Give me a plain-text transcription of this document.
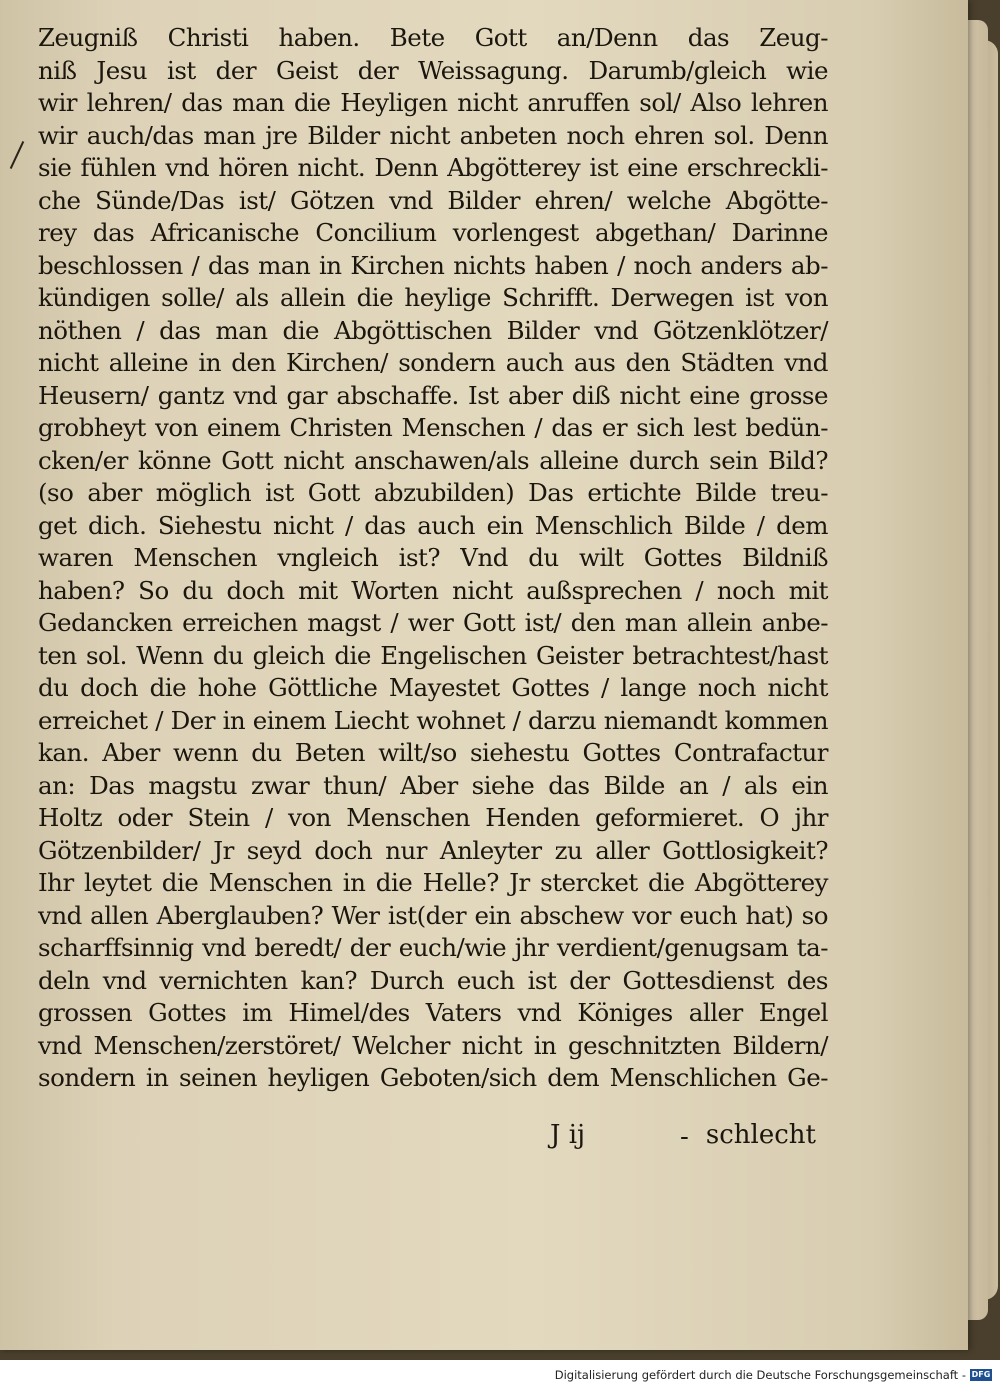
Zeugniß Christi haben. Bete Gott an/Denn das Zeug-
niß Jesu ist der Geist der Weissagung. Darumb/gleich wie
wir lehren/ das man die Heyligen nicht anruffen sol/ Also lehren
wir auch/das man jre Bilder nicht anbeten noch ehren sol. Denn
sie fühlen vnd hören nicht. Denn Abgötterey ist eine erschreckli-
che Sünde/Das ist/ Götzen vnd Bilder ehren/ welche Abgötte-
rey das Africanische Concilium vorlengest abgethan/ Darinne
beschlossen / das man in Kirchen nichts haben / noch anders ab-
kündigen solle/ als allein die heylige Schrifft. Derwegen ist von
nöthen / das man die Abgöttischen Bilder vnd Götzenklötzer/
nicht alleine in den Kirchen/ sondern auch aus den Städten vnd
Heusern/ gantz vnd gar abschaffe. Ist aber diß nicht eine grosse
grobheyt von einem Christen Menschen / das er sich lest bedün-
cken/er könne Gott nicht anschawen/als alleine durch sein Bild?
(so aber möglich ist Gott abzubilden) Das ertichte Bilde treu-
get dich. Siehestu nicht / das auch ein Menschlich Bilde / dem
waren Menschen vngleich ist? Vnd du wilt Gottes Bildniß
haben? So du doch mit Worten nicht außsprechen / noch mit
Gedancken erreichen magst / wer Gott ist/ den man allein anbe-
ten sol. Wenn du gleich die Engelischen Geister betrachtest/hast
du doch die hohe Göttliche Mayestet Gottes / lange noch nicht
erreichet / Der in einem Liecht wohnet / darzu niemandt kommen
kan. Aber wenn du Beten wilt/so siehestu Gottes Contrafactur
an: Das magstu zwar thun/ Aber siehe das Bilde an / als ein
Holtz oder Stein / von Menschen Henden geformieret. O jhr
Götzenbilder/ Jr seyd doch nur Anleyter zu aller Gottlosigkeit?
Ihr leytet die Menschen in die Helle? Jr stercket die Abgötterey
vnd allen Aberglauben? Wer ist(der ein abschew vor euch hat) so
scharffsinnig vnd beredt/ der euch/wie jhr verdient/genugsam ta-
deln vnd vernichten kan? Durch euch ist der Gottesdienst des
grossen Gottes im Himel/des Vaters vnd Königes aller Engel
vnd Menschen/zerstöret/ Welcher nicht in geschnitzten Bildern/
sondern in seinen heyligen Geboten/sich dem Menschlichen Ge-
J ij	- schlecht
Digitalisierung gefördert durch die Deutsche Forschungsgemeinschaft - DFG
